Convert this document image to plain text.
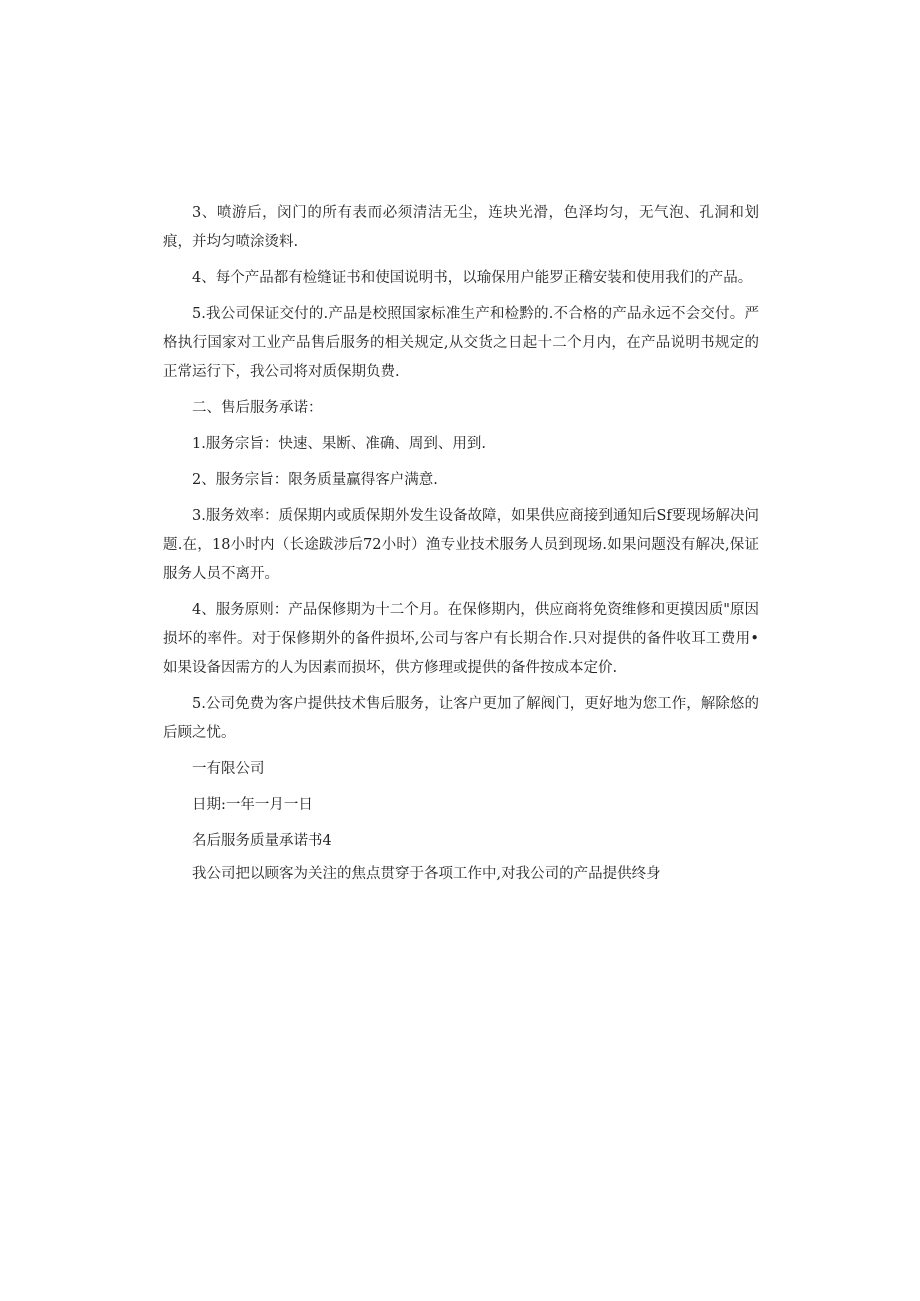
3、喷游后，闵门的所有表而必须清洁无尘，连块光滑，色泽均匀，无气泡、孔洞和划痕，并均匀喷涂烫料.

4、每个产品都有检缝证书和使国说明书，以瑜保用户能罗正稽安装和使用我们的产品。

5.我公司保证交付的.产品是校照国家标准生产和检黔的.不合格的产品永远不会交付。严格执行国家对工业产品售后服务的相关规定,从交货之日起十二个月内，在产品说明书规定的正常运行下，我公司将对质保期负费.

二、售后服务承诺：

1.服务宗旨：快速、果断、准确、周到、用到.

2、服务宗旨：限务质量赢得客户满意.

3.服务效率：质保期内或质保期外发生设备故障，如果供应商接到通知后Sf要现场解决问题.在，18小时内（长途跋涉后72小时）渔专业技术服务人员到现场.如果问题没有解决,保证服务人员不离开。

4、服务原则：产品保修期为十二个月。在保修期内，供应商将免资维修和更摸因质"原因损坏的率件。对于保修期外的备件损坏,公司与客户有长期合作.只对提供的备件收耳工费用•如果设备因需方的人为因素而损坏，供方修理或提供的备件按成本定价.

5.公司免费为客户提供技术售后服务，让客户更加了解阀门，更好地为您工作，解除悠的后顾之忧。

一有限公司

日期:一年一月一日

名后服务质量承诺书4

我公司把以顾客为关注的焦点贯穿于各项工作中,对我公司的产品提供终身
